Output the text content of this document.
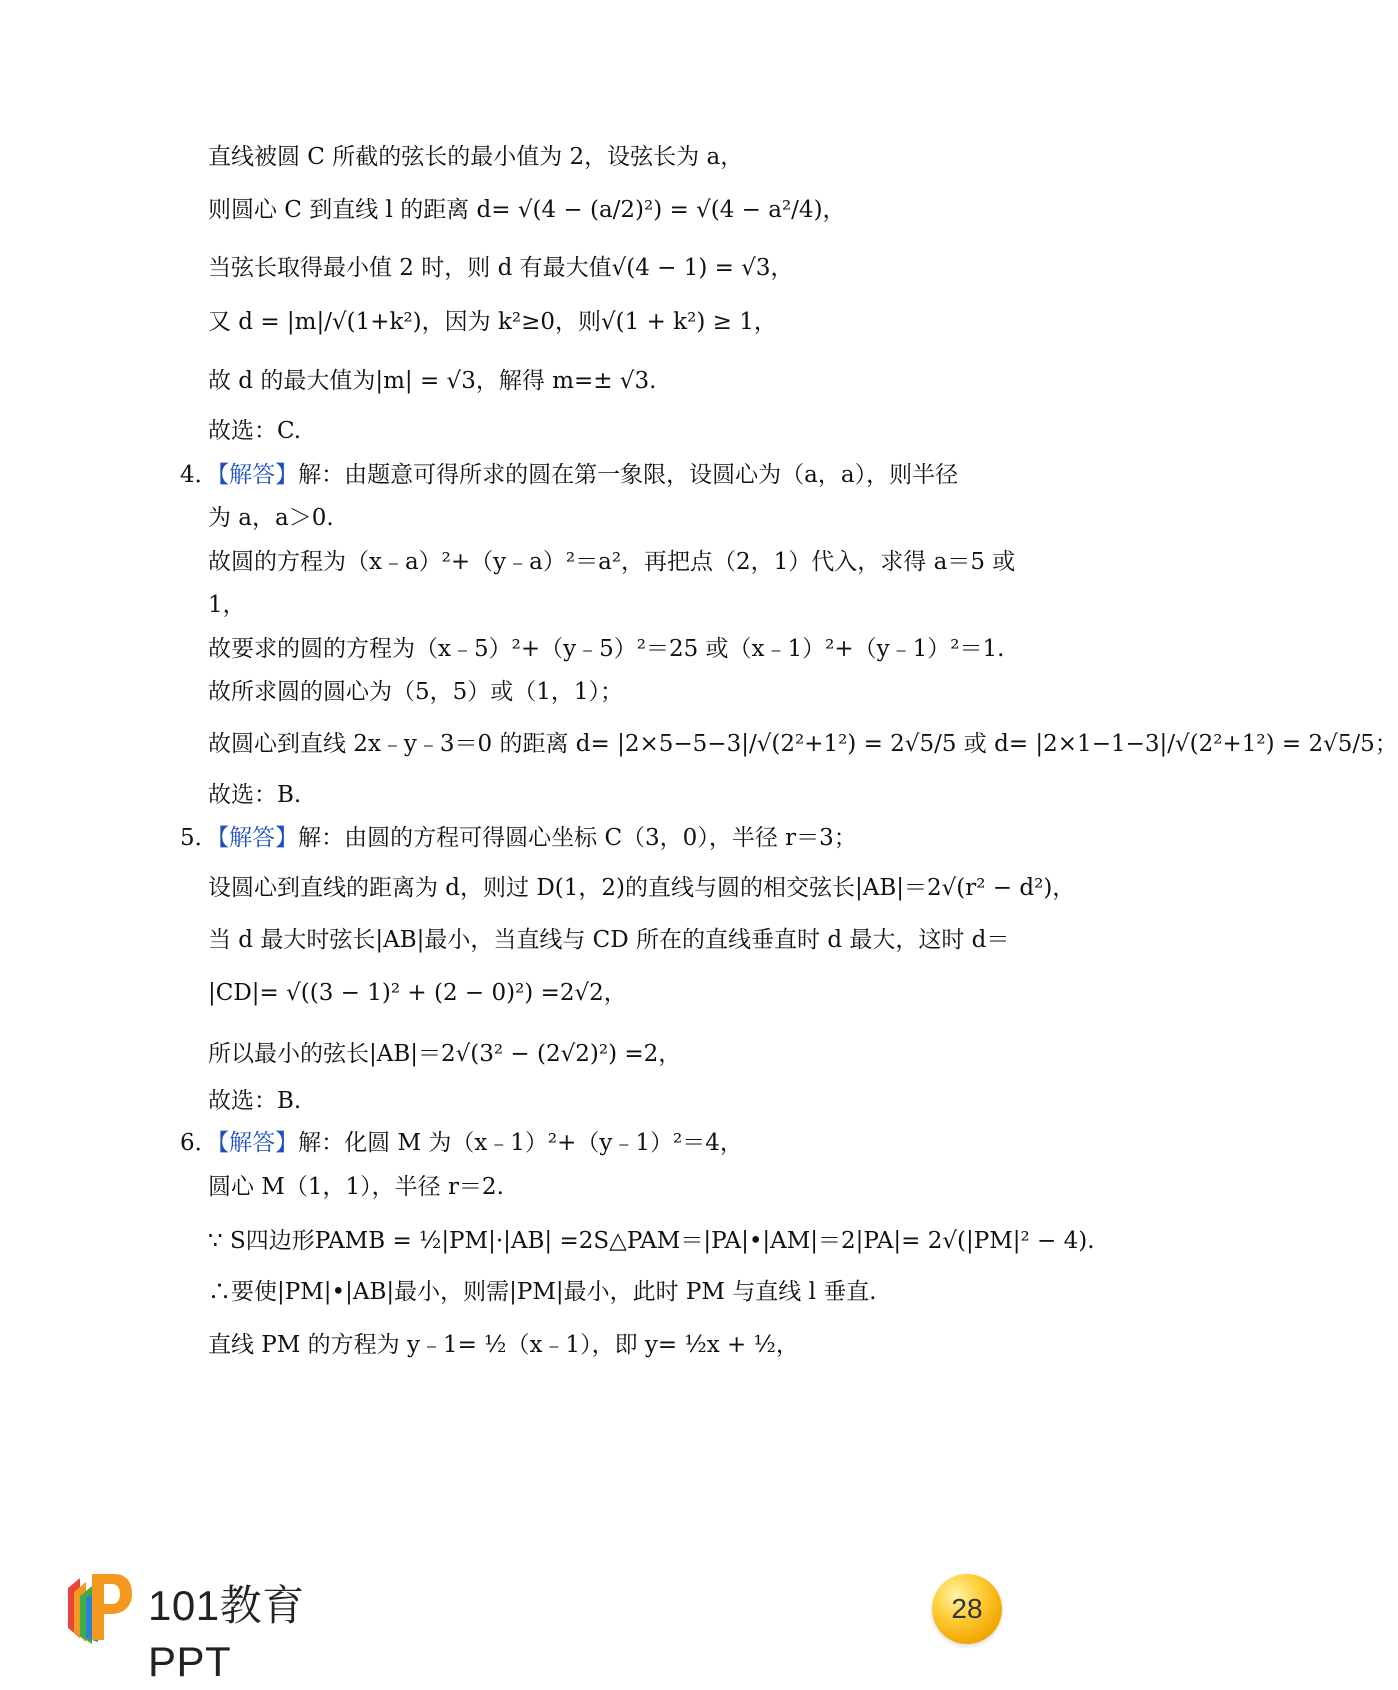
直线被圆 C 所截的弦长的最小值为 2，设弦长为 a，
则圆心 C 到直线 l 的距离 d= √(4 − (a/2)²) = √(4 − a²/4)，
当弦长取得最小值 2 时，则 d 有最大值√(4 − 1) = √3，
又 d = |m|/√(1+k²)，因为 k²≥0，则√(1 + k²) ≥ 1，
故 d 的最大值为|m| = √3，解得 m=± √3.
故选：C.
4．【解答】解：由题意可得所求的圆在第一象限，设圆心为（a，a），则半径
为 a，a＞0.
故圆的方程为（x﹣a）²+（y﹣a）²＝a²，再把点（2，1）代入，求得 a＝5 或
1，
故要求的圆的方程为（x﹣5）²+（y﹣5）²＝25 或（x﹣1）²+（y﹣1）²＝1.
故所求圆的圆心为（5，5）或（1，1）；
故圆心到直线 2x﹣y﹣3＝0 的距离 d= |2×5−5−3|/√(2²+1²) = 2√5/5 或 d= |2×1−1−3|/√(2²+1²) = 2√5/5；
故选：B.
5．【解答】解：由圆的方程可得圆心坐标 C（3，0），半径 r＝3；
设圆心到直线的距离为 d，则过 D(1，2)的直线与圆的相交弦长|AB|＝2√(r² − d²)，
当 d 最大时弦长|AB|最小，当直线与 CD 所在的直线垂直时 d 最大，这时 d＝
|CD|= √((3 − 1)² + (2 − 0)²) =2√2，
所以最小的弦长|AB|＝2√(3² − (2√2)²) =2，
故选：B.
6．【解答】解：化圆 M 为（x﹣1）²+（y﹣1）²＝4，
圆心 M（1，1），半径 r＝2.
∵ S四边形PAMB = ½|PM|·|AB| =2S△PAM＝|PA|•|AM|＝2|PA|= 2√(|PM|² − 4).
∴要使|PM|•|AB|最小，则需|PM|最小，此时 PM 与直线 l 垂直.
直线 PM 的方程为 y﹣1= ½（x﹣1），即 y= ½x + ½，
101教育PPT
28
